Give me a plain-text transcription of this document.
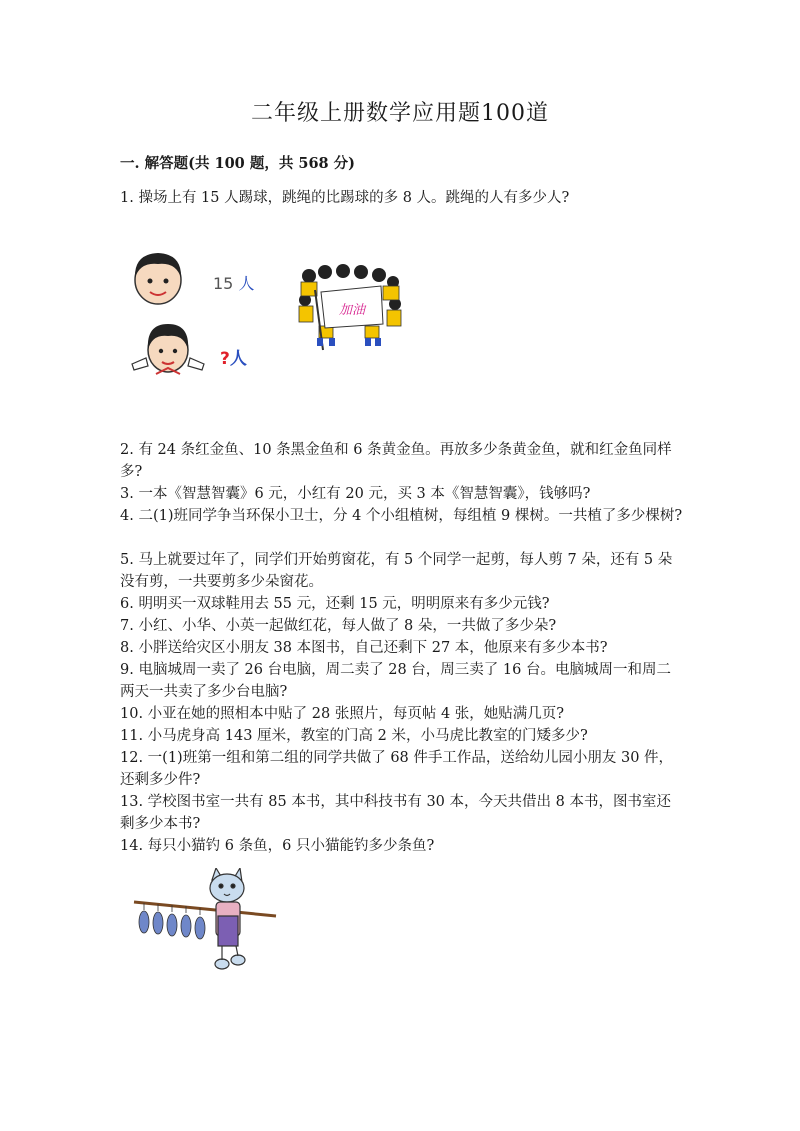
二年级上册数学应用题100道
一. 解答题(共 100 题，共 568 分)

1. 操场上有 15 人踢球，跳绳的比踢球的多 8 人。跳绳的人有多少人?

15 人
?人
加油

2. 有 24 条红金鱼、10 条黑金鱼和 6 条黄金鱼。再放多少条黄金鱼，就和红金鱼同样多?

3. 一本《智慧智囊》6 元，小红有 20 元，买 3 本《智慧智囊》，钱够吗?

4. 二(1)班同学争当环保小卫士，分 4 个小组植树，每组植 9 棵树。一共植了多少棵树?

5. 马上就要过年了，同学们开始剪窗花，有 5 个同学一起剪，每人剪 7 朵，还有 5 朵没有剪，一共要剪多少朵窗花。

6. 明明买一双球鞋用去 55 元，还剩 15 元，明明原来有多少元钱?

7. 小红、小华、小英一起做红花，每人做了 8 朵，一共做了多少朵?

8. 小胖送给灾区小朋友 38 本图书，自己还剩下 27 本，他原来有多少本书?

9. 电脑城周一卖了 26 台电脑，周二卖了 28 台，周三卖了 16 台。电脑城周一和周二两天一共卖了多少台电脑?

10. 小亚在她的照相本中贴了 28 张照片，每页帖 4 张，她贴满几页?

11. 小马虎身高 143 厘米，教室的门高 2 米，小马虎比教室的门矮多少?

12. 一(1)班第一组和第二组的同学共做了 68 件手工作品，送给幼儿园小朋友 30 件，还剩多少件?

13. 学校图书室一共有 85 本书，其中科技书有 30 本，今天共借出 8 本书，图书室还剩多少本书?

14. 每只小猫钓 6 条鱼，6 只小猫能钓多少条鱼?
